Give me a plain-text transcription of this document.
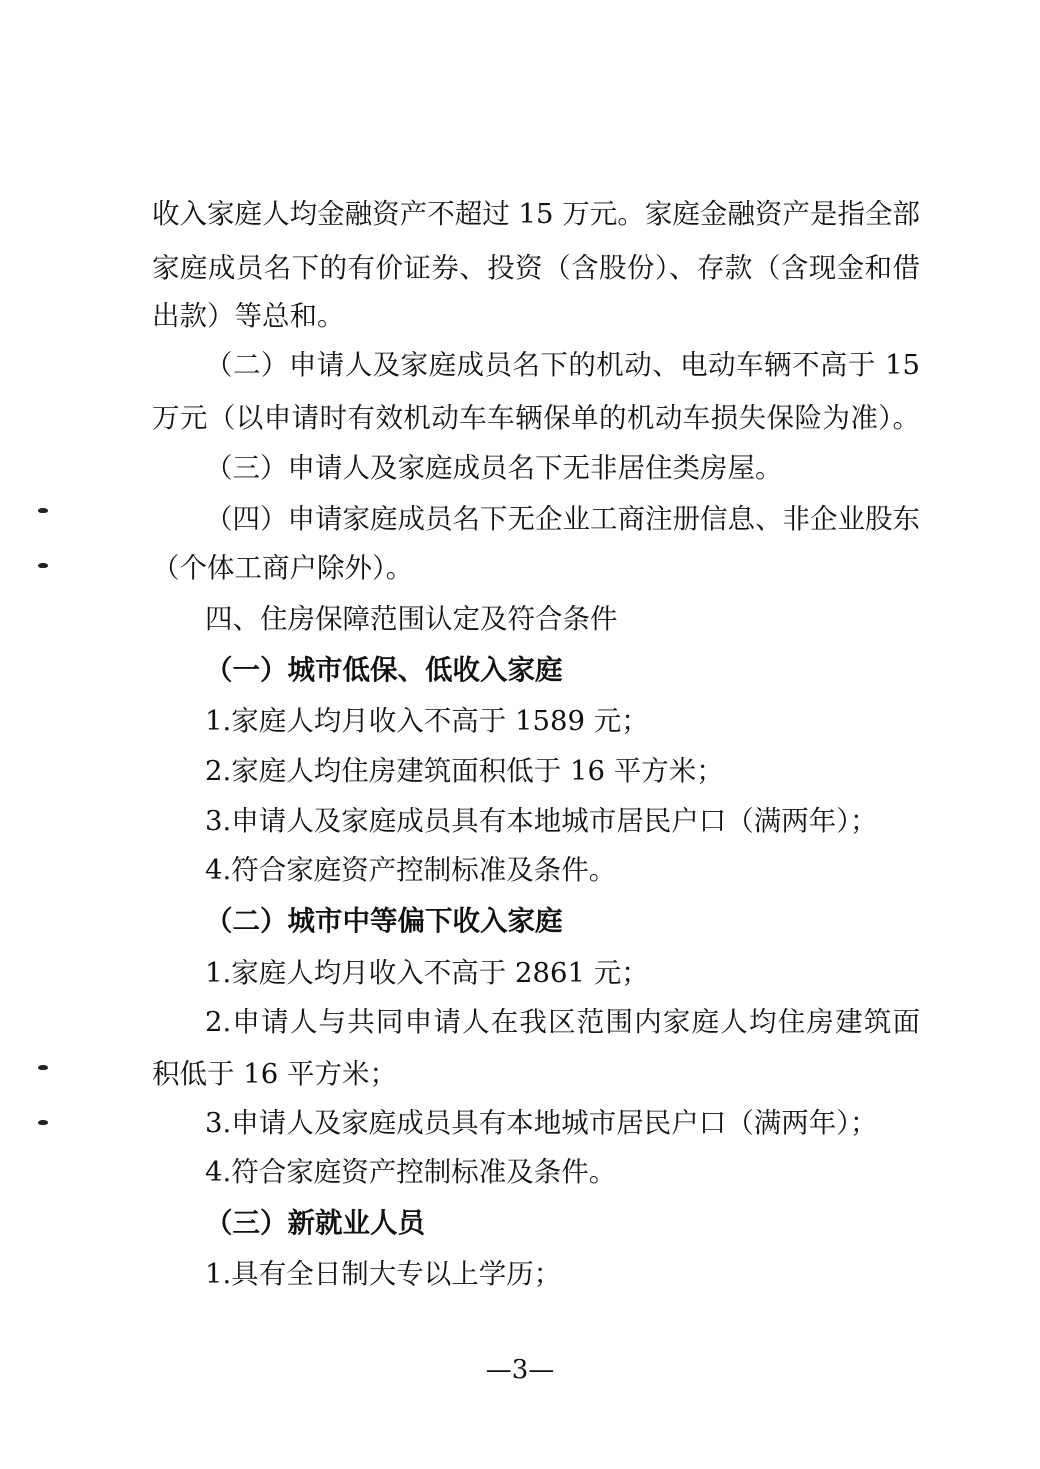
收入家庭人均金融资产不超过 15 万元。家庭金融资产是指全部
家庭成员名下的有价证券、投资（含股份）、存款（含现金和借
出款）等总和。
（二）申请人及家庭成员名下的机动、电动车辆不高于 15
万元（以申请时有效机动车车辆保单的机动车损失保险为准）。
（三）申请人及家庭成员名下无非居住类房屋。
（四）申请家庭成员名下无企业工商注册信息、非企业股东
（个体工商户除外）。
四、住房保障范围认定及符合条件
（一）城市低保、低收入家庭
1.家庭人均月收入不高于 1589 元；
2.家庭人均住房建筑面积低于 16 平方米；
3.申请人及家庭成员具有本地城市居民户口（满两年）；
4.符合家庭资产控制标准及条件。
（二）城市中等偏下收入家庭
1.家庭人均月收入不高于 2861 元；
2.申请人与共同申请人在我区范围内家庭人均住房建筑面
积低于 16 平方米；
3.申请人及家庭成员具有本地城市居民户口（满两年）；
4.符合家庭资产控制标准及条件。
（三）新就业人员
1.具有全日制大专以上学历；
—3—
